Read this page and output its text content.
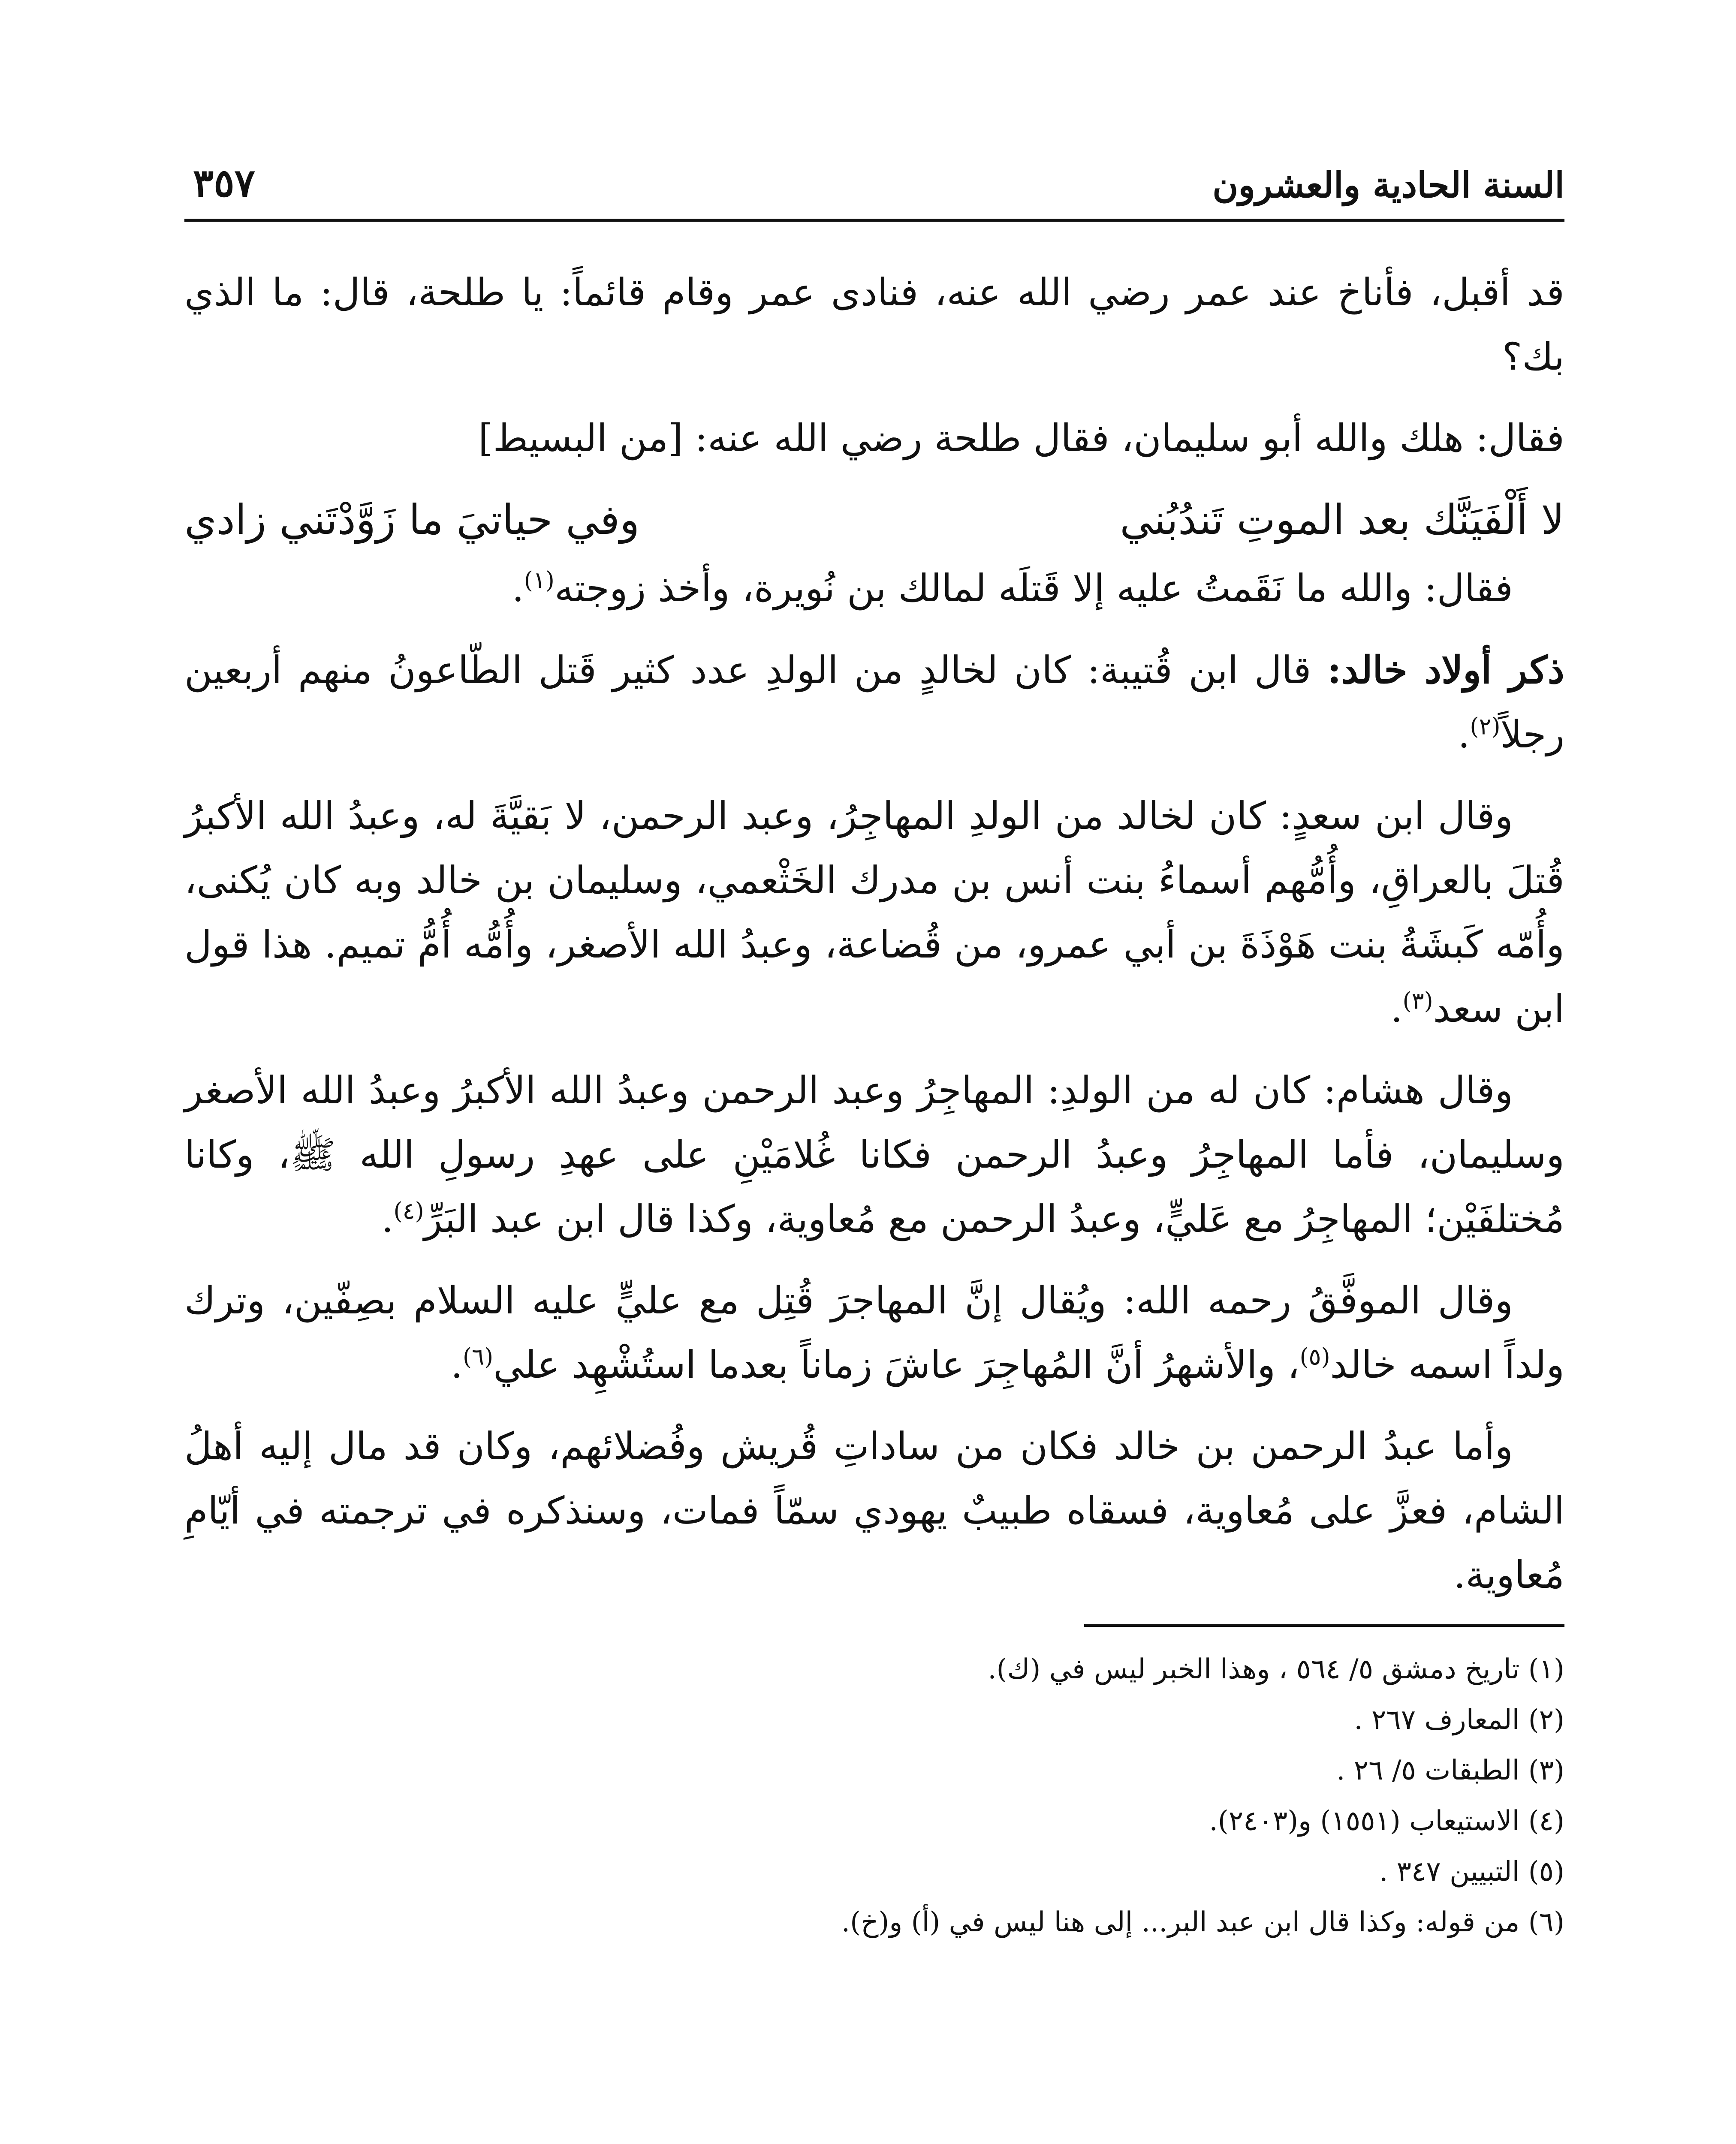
السنة الحادية والعشرون
٣٥٧

قد أقبل، فأناخ عند عمر رضي الله عنه، فنادى عمر وقام قائماً: يا طلحة، قال: ما الذي بك؟

فقال: هلك والله أبو سليمان، فقال طلحة رضي الله عنه: [من البسيط]

لا أَلْفَيَنَّك بعد الموتِ تَندُبُني
وفي حياتيَ ما زَوَّدْتَني زادي

فقال: والله ما نَقَمتُ عليه إلا قَتلَه لمالك بن نُويرة، وأخذ زوجته$^{(١)}$.

ذكر أولاد خالد: قال ابن قُتيبة: كان لخالدٍ من الولدِ عدد كثير قَتل الطّاعونُ منهم أربعين رجلاً$^{(٢)}$.

وقال ابن سعدٍ: كان لخالد من الولدِ المهاجِرُ، وعبد الرحمن، لا بَقيَّةَ له، وعبدُ الله الأكبرُ قُتلَ بالعراقِ، وأُمُّهم أسماءُ بنت أنس بن مدرك الخَثْعمي، وسليمان بن خالد وبه كان يُكنى، وأُمّه كَبشَةُ بنت هَوْذَةَ بن أبي عمرو، من قُضاعة، وعبدُ الله الأصغر، وأُمُّه أُمُّ تميم. هذا قول ابن سعد$^{(٣)}$.

وقال هشام: كان له من الولدِ: المهاجِرُ وعبد الرحمن وعبدُ الله الأكبرُ وعبدُ الله الأصغر وسليمان، فأما المهاجِرُ وعبدُ الرحمن فكانا غُلامَيْنِ على عهدِ رسولِ الله ﷺ، وكانا مُختلفَيْن؛ المهاجِرُ مع عَليٍّ، وعبدُ الرحمن مع مُعاوية، وكذا قال ابن عبد البَرِّ$^{(٤)}$.

وقال الموفَّقُ رحمه الله: ويُقال إنَّ المهاجرَ قُتِل مع عليٍّ عليه السلام بصِفّين، وترك ولداً اسمه خالد$^{(٥)}$، والأشهرُ أنَّ المُهاجِرَ عاشَ زماناً بعدما استُشْهِد علي$^{(٦)}$.

وأما عبدُ الرحمن بن خالد فكان من ساداتِ قُريش وفُضلائهم، وكان قد مال إليه أهلُ الشام، فعزَّ على مُعاوية، فسقاه طبيبٌ يهودي سمّاً فمات، وسنذكره في ترجمته في أيّامِ مُعاوية.

(١) تاريخ دمشق ٥/ ٥٦٤ ، وهذا الخبر ليس في (ك).
(٢) المعارف ٢٦٧ .
(٣) الطبقات ٥/ ٢٦ .
(٤) الاستيعاب (١٥٥١) و(٢٤٠٣).
(٥) التبيين ٣٤٧ .
(٦) من قوله: وكذا قال ابن عبد البر... إلى هنا ليس في (أ) و(خ).
